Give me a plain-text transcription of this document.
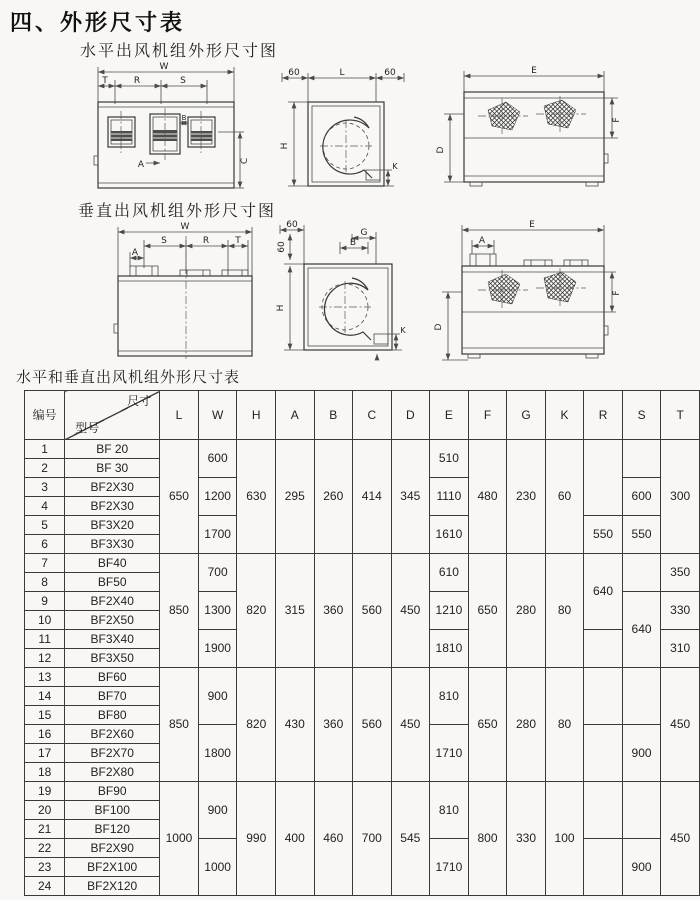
四、外形尺寸表
水平出风机组外形尺寸图
W
T	R	S
B
A	C
60	L	60
H
K
E
F
D
垂直出风机组外形尺寸图
W
S	R	T
A
60
G
B
60
H
K
E
A
F
D
水平和垂直出风机组外形尺寸表
编号	尺寸
型号	L	W	H	A	B	C	D	E	F	G	K	R	S	T
1	BF 20	650	600	630	295	260	414	345	510	480	230	60			300
2	BF 30														
3	BF2X30		1200						1110					600	
4	BF2X30														
5	BF3X20		1700						1610				550	550	
6	BF3X30														
7	BF40	850	700	820	315	360	560	450	610	650	280	80	640		350
8	BF50														
9	BF2X40		1300						1210					640	330
10	BF2X50														
11	BF3X40		1900						1810						310
12	BF3X50														
13	BF60	850	900	820	430	360	560	450	810	650	280	80			450
14	BF70														
15	BF80														
16	BF2X60		1800						1710					900	
17	BF2X70														
18	BF2X80														
19	BF90	1000	900	990	400	460	700	545	810	800	330	100			450
20	BF100														
21	BF120														
22	BF2X90		1000						1710					900	
23	BF2X100														
24	BF2X120														
